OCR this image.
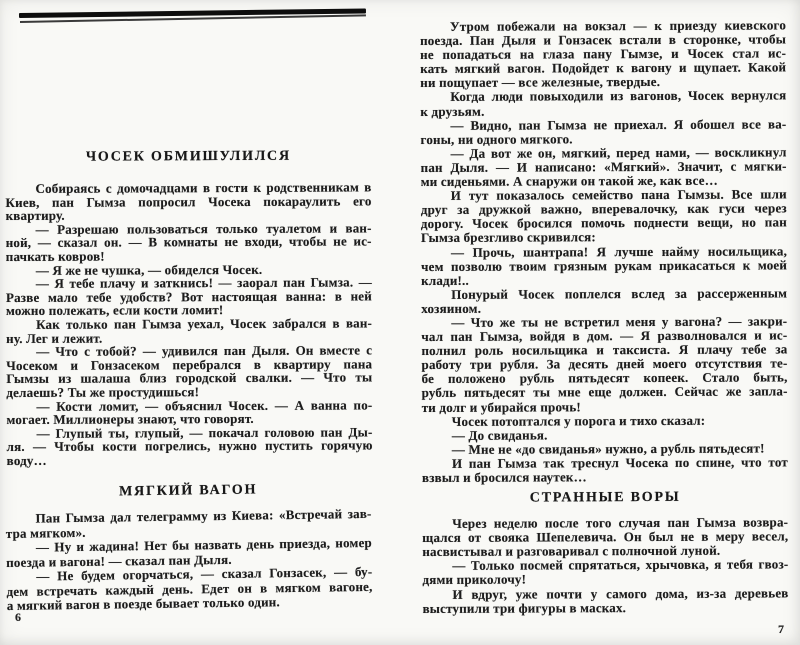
ЧОСЕК ОБМИШУЛИЛСЯ
Собираясь с домочадцами в гости к родственникам в
Киев, пан Гымза попросил Чосека покараулить его
квартиру.
— Разрешаю пользоваться только туалетом и ван-
ной, — сказал он. — В комнаты не входи, чтобы не ис-
пачкать ковров!
— Я же не чушка, — обиделся Чосек.
— Я тебе плачу и заткнись! — заорал пан Гымза. —
Разве мало тебе удобств? Вот настоящая ванна: в ней
можно полежать, если кости ломит!
Как только пан Гымза уехал, Чосек забрался в ван-
ну. Лег и лежит.
— Что с тобой? — удивился пан Дыля. Он вместе с
Чосеком и Гонзасеком перебрался в квартиру пана
Гымзы из шалаша близ городской свалки. — Что ты
делаешь? Ты же простудишься!
— Кости ломит, — объяснил Чосек. — А ванна по-
могает. Миллионеры знают, что говорят.
— Глупый ты, глупый, — покачал головою пан Ды-
ля. — Чтобы кости погрелись, нужно пустить горячую
воду…
МЯГКИЙ ВАГОН
Пан Гымза дал телеграмму из Киева: «Встречай зав-
тра мягком».
— Ну и жадина! Нет бы назвать день приезда, номер
поезда и вагона! — сказал пан Дыля.
— Не будем огорчаться, — сказал Гонзасек, — бу-
дем встречать каждый день. Едет он в мягком вагоне,
а мягкий вагон в поезде бывает только один.
6
Утром побежали на вокзал — к приезду киевского
поезда. Пан Дыля и Гонзасек встали в сторонке, чтобы
не попадаться на глаза пану Гымзе, и Чосек стал ис-
кать мягкий вагон. Подойдет к вагону и щупает. Какой
ни пощупает — все железные, твердые.
Когда люди повыходили из вагонов, Чосек вернулся
к друзьям.
— Видно, пан Гымза не приехал. Я обошел все ва-
гоны, ни одного мягкого.
— Да вот же он, мягкий, перед нами, — воскликнул
пан Дыля. — И написано: «Мягкий». Значит, с мягки-
ми сиденьями. А снаружи он такой же, как все…
И тут показалось семейство пана Гымзы. Все шли
друг за дружкой важно, вперевалочку, как гуси через
дорогу. Чосек бросился помочь поднести вещи, но пан
Гымза брезгливо скривился:
— Прочь, шантрапа! Я лучше найму носильщика,
чем позволю твоим грязным рукам прикасаться к моей
клади!..
Понурый Чосек поплелся вслед за рассерженным
хозяином.
— Что же ты не встретил меня у вагона? — закри-
чал пан Гымза, войдя в дом. — Я разволновался и ис-
полнил роль носильщика и таксиста. Я плачу тебе за
работу три рубля. За десять дней моего отсутствия те-
бе положено рубль пятьдесят копеек. Стало быть,
рубль пятьдесят ты мне еще должен. Сейчас же запла-
ти долг и убирайся прочь!
Чосек потоптался у порога и тихо сказал:
— До свиданья.
— Мне не «до свиданья» нужно, а рубль пятьдесят!
И пан Гымза так треснул Чосека по спине, что тот
взвыл и бросился наутек…
СТРАННЫЕ ВОРЫ
Через неделю после того случая пан Гымза возвра-
щался от свояка Шепелевича. Он был не в меру весел,
насвистывал и разговаривал с полночной луной.
— Только посмей спрятаться, хрычовка, я тебя гвоз-
дями приколочу!
И вдруг, уже почти у самого дома, из-за деревьев
выступили три фигуры в масках.
7
